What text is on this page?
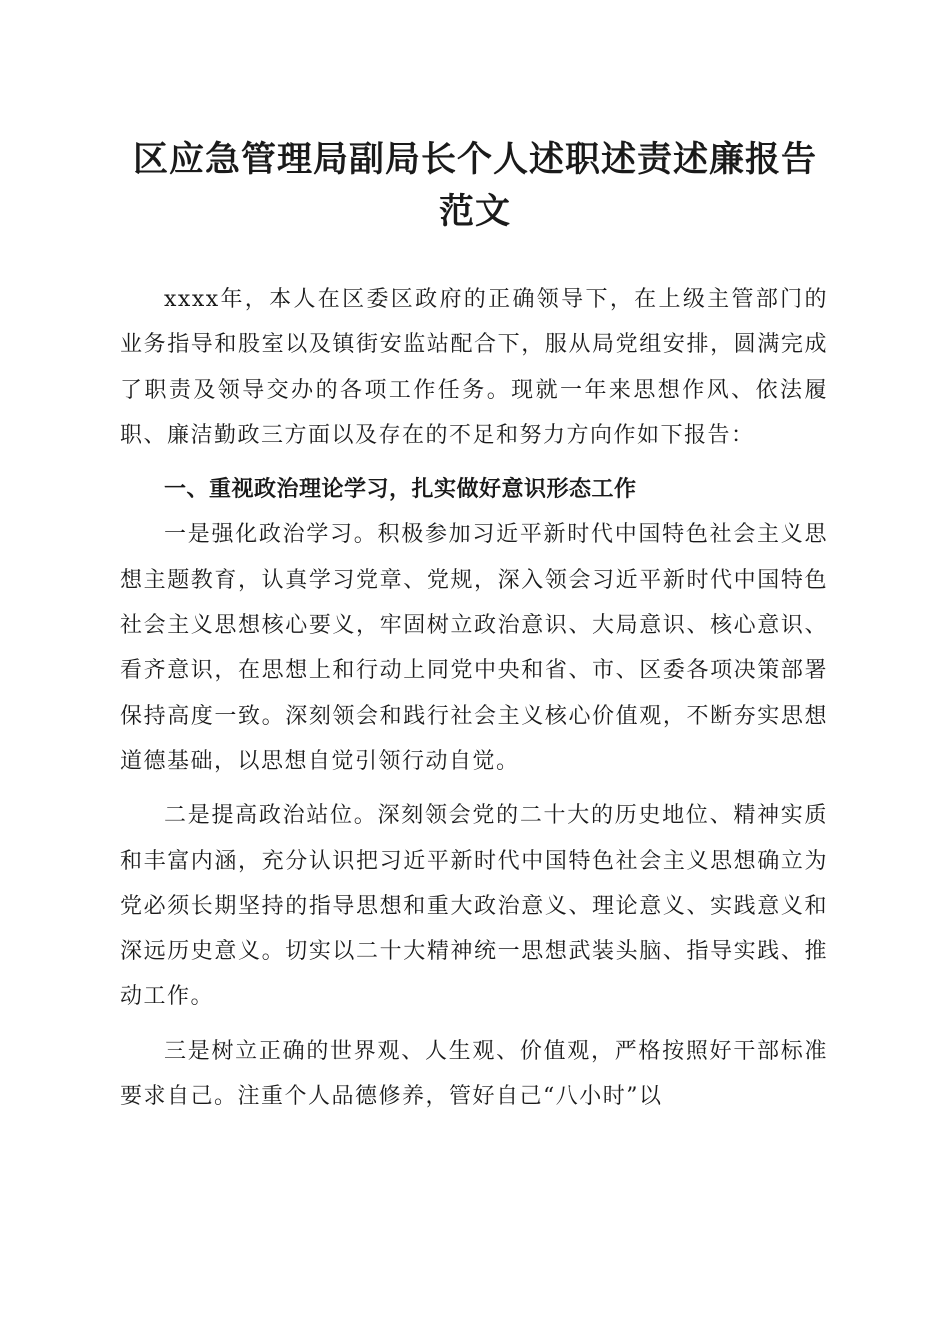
区应急管理局副局长个人述职述责述廉报告范文

xxxx年，本人在区委区政府的正确领导下，在上级主管部门的业务指导和股室以及镇街安监站配合下，服从局党组安排，圆满完成了职责及领导交办的各项工作任务。现就一年来思想作风、依法履职、廉洁勤政三方面以及存在的不足和努力方向作如下报告：

一、重视政治理论学习，扎实做好意识形态工作

一是强化政治学习。积极参加习近平新时代中国特色社会主义思想主题教育，认真学习党章、党规，深入领会习近平新时代中国特色社会主义思想核心要义，牢固树立政治意识、大局意识、核心意识、看齐意识，在思想上和行动上同党中央和省、市、区委各项决策部署保持高度一致。深刻领会和践行社会主义核心价值观，不断夯实思想道德基础，以思想自觉引领行动自觉。

二是提高政治站位。深刻领会党的二十大的历史地位、精神实质和丰富内涵，充分认识把习近平新时代中国特色社会主义思想确立为党必须长期坚持的指导思想和重大政治意义、理论意义、实践意义和深远历史意义。切实以二十大精神统一思想武装头脑、指导实践、推动工作。

三是树立正确的世界观、人生观、价值观，严格按照好干部标准要求自己。注重个人品德修养，管好自己“八小时”以
